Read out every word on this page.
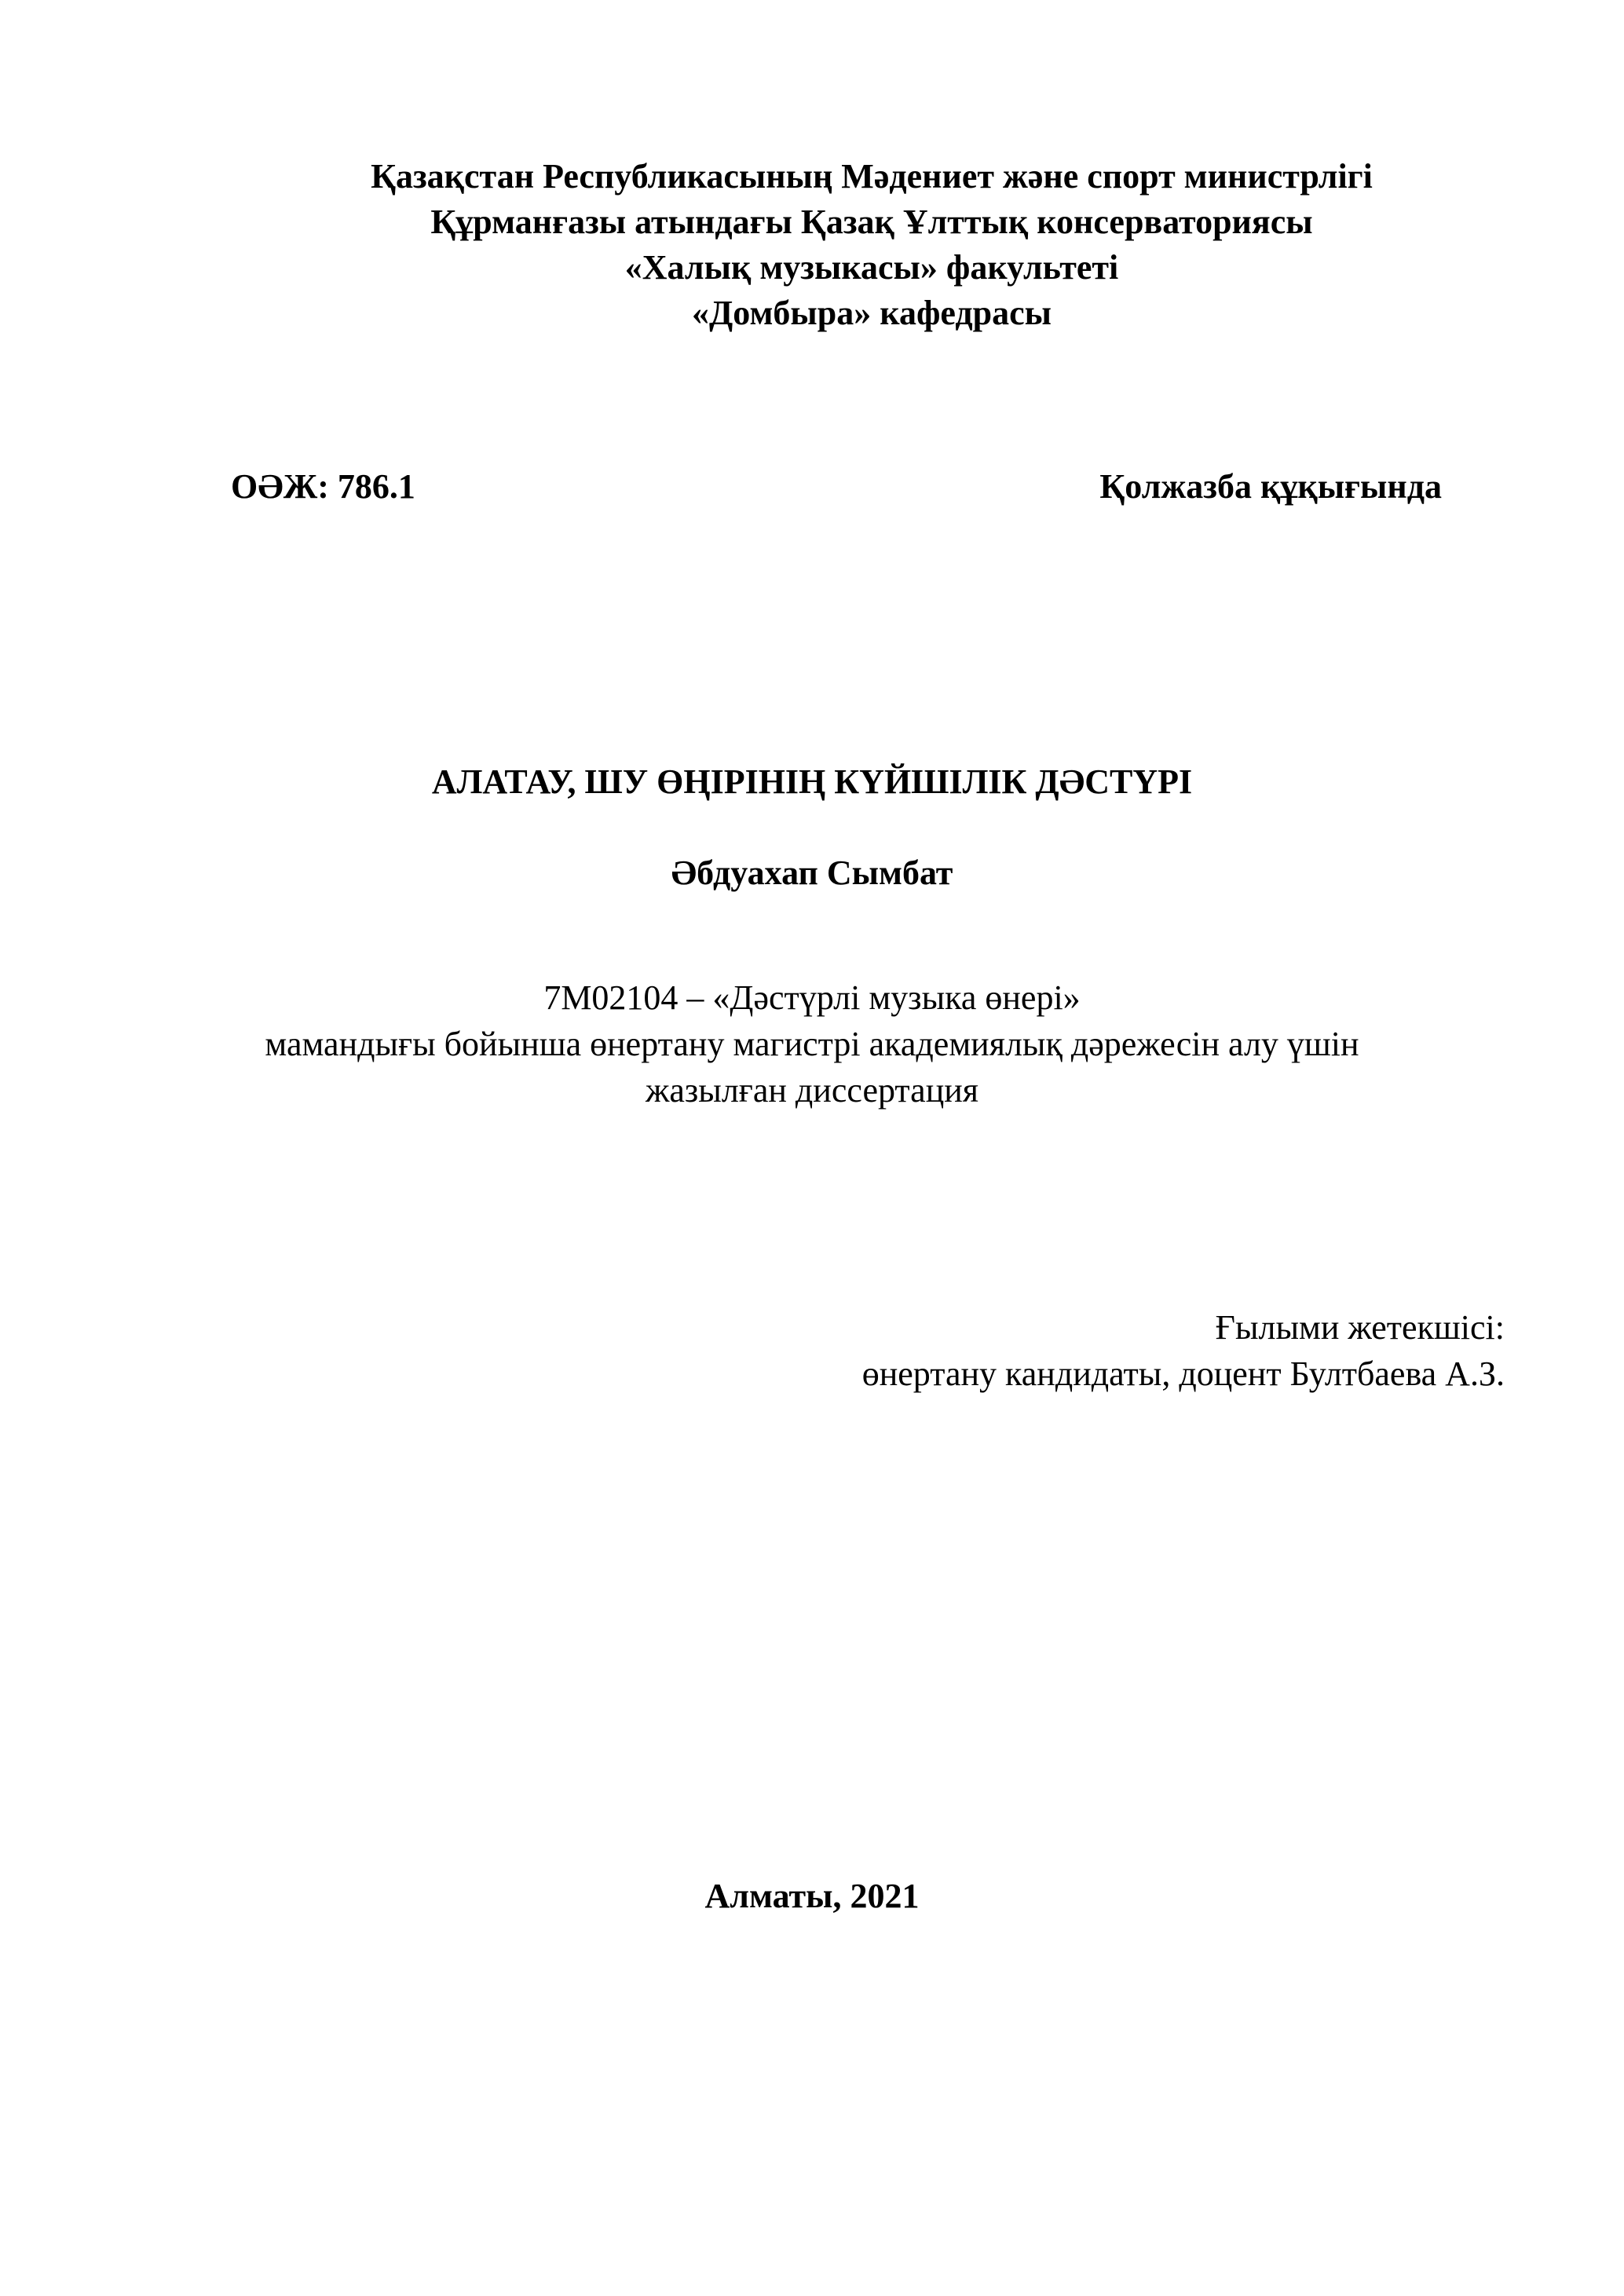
Қазақстан Республикасының Мәдениет және спорт министрлігі
Құрманғазы атындағы Қазақ Ұлттық консерваториясы
«Халық музыкасы» факультеті
«Домбыра» кафедрасы
ОӘЖ: 786.1	Қолжазба құқығында
АЛАТАУ, ШУ ӨҢІРІНІҢ КҮЙШІЛІК ДӘСТҮРІ
Әбдуахап Сымбат
7М02104 – «Дәстүрлі музыка өнері»
мамандығы бойынша өнертану магистрі академиялық дәрежесін алу үшін
жазылған диссертация
Ғылыми жетекшісі:
өнертану кандидаты, доцент Бултбаева А.З.
Алматы, 2021
